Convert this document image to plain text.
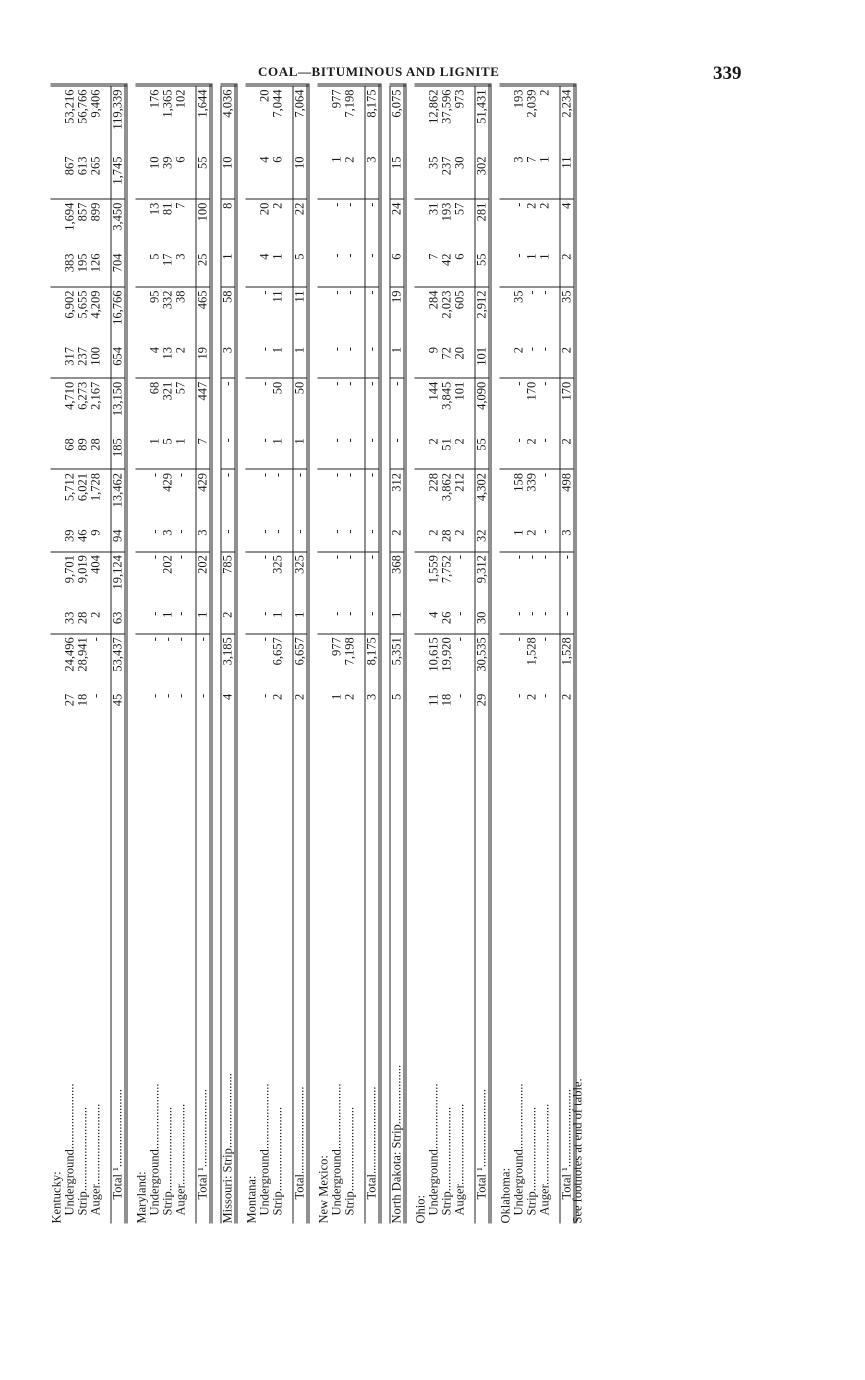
COAL—BITUMINOUS AND LIGNITE	339
Kentucky:														
Underground.....................	27	24,496	33	9,701	39	5,712	68	4,710	317	6,902	383	1,694	867	53,216
Strip...........................	18	28,941	28	9,019	46	6,021	89	6,273	237	5,655	195	857	613	56,766
Auger..........................	-	-	2	404	9	1,728	28	2,167	100	4,209	126	899	265	9,406

Total ¹.........................	45	53,437	63	19,124	94	13,462	185	13,150	654	16,766	704	3,450	1,745	119,339

Maryland:														
Underground.....................	-	-	-	-	-	-	1	68	4	95	5	13	10	176
Strip...........................	-	-	1	202	3	429	5	321	13	332	17	81	39	1,365
Auger..........................	-	-	-	-	-	-	1	57	2	38	3	7	6	102

Total ¹.........................	-	-	1	202	3	429	7	447	19	465	25	100	55	1,644

Missouri: Strip........................	4	3,185	2	785	-	-	-	-	3	58	1	8	10	4,036

Montana:														
Underground.....................	-	-	-	-	-	-	-	-	-	-	4	20	4	20
Strip...........................	2	6,657	1	325	-	-	1	50	1	11	1	2	6	7,044

Total............................	2	6,657	1	325	-	-	1	50	1	11	5	22	10	7,064

New Mexico:														
Underground.....................	1	977	-	-	-	-	-	-	-	-	-	-	1	977
Strip...........................	2	7,198	-	-	-	-	-	-	-	-	-	-	2	7,198

Total............................	3	8,175	-	-	-	-	-	-	-	-	-	-	3	8,175

North Dakota: Strip...................	5	5,351	1	368	2	312	-	-	1	19	6	24	15	6,075

Ohio:														
Underground.....................	11	10,615	4	1,559	2	228	2	144	9	284	7	31	35	12,862
Strip...........................	18	19,920	26	7,752	28	3,862	51	3,845	72	2,023	42	193	237	37,596
Auger..........................	-	-	-	-	2	212	2	101	20	605	6	57	30	973

Total ¹.........................	29	30,535	30	9,312	32	4,302	55	4,090	101	2,912	55	281	302	51,431

Oklahoma:														
Underground.....................	-	-	-	-	1	158	-	-	2	35	-	-	3	193
Strip...........................	2	1,528	-	-	2	339	2	170	-	-	1	2	7	2,039
Auger..........................	-	-	-	-	-	-	-	-	-	-	1	2	1	2

Total ¹.........................	2	1,528	-	-	3	498	2	170	2	35	2	4	11	2,234

See footnotes at end of table.
